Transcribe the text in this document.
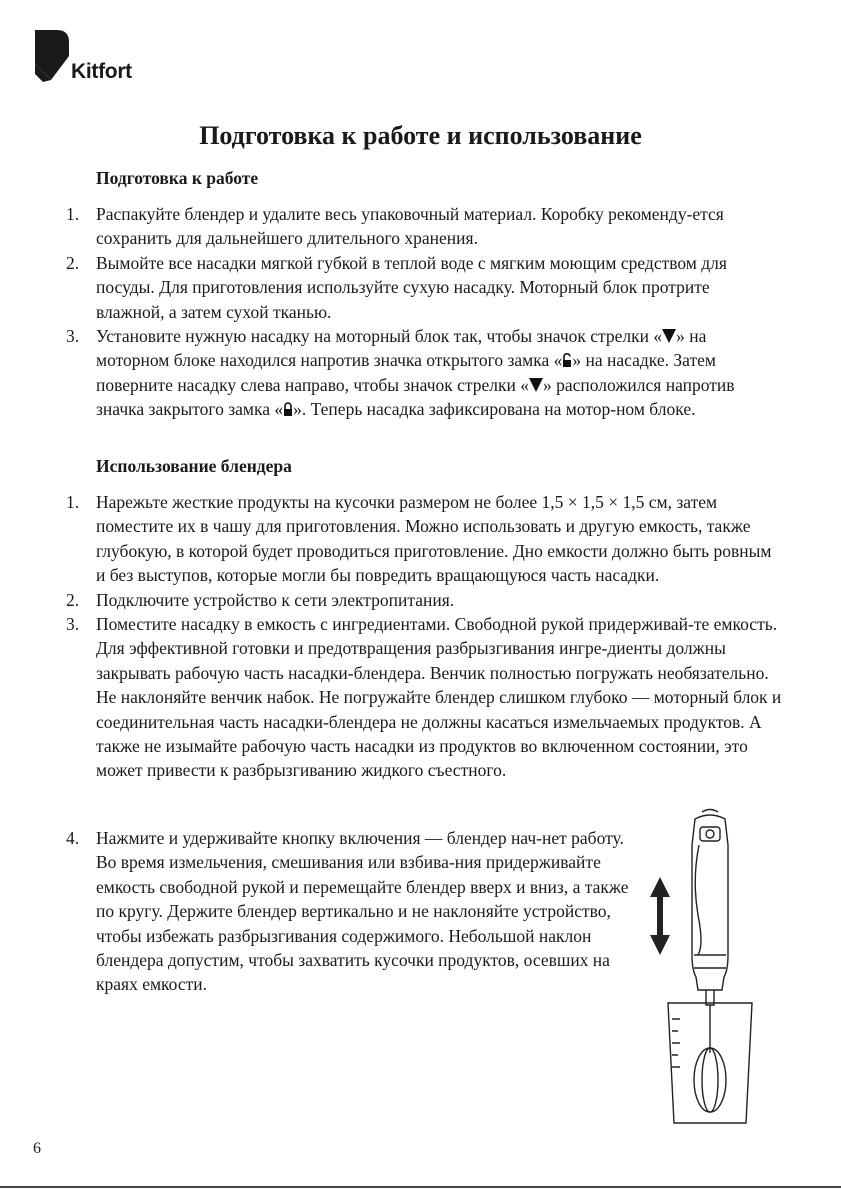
Kitfort
Подготовка к работе и использование
Подготовка к работе
1. Распакуйте блендер и удалите весь упаковочный материал. Коробку рекоменду-ется сохранить для дальнейшего длительного хранения.
2. Вымойте все насадки мягкой губкой в теплой воде с мягким моющим средством для посуды. Для приготовления используйте сухую насадку. Моторный блок протрите влажной, а затем сухой тканью.
3. Установите нужную насадку на моторный блок так, чтобы значок стрелки « » на моторном блоке находился напротив значка открытого замка « » на насадке. Затем поверните насадку слева направо, чтобы значок стрелки « » расположился напротив значка закрытого замка « ». Теперь насадка зафиксирована на мотор-ном блоке.
Использование блендера
1. Нарежьте жесткие продукты на кусочки размером не более 1,5 × 1,5 × 1,5 см, затем поместите их в чашу для приготовления. Можно использовать и другую емкость, также глубокую, в которой будет проводиться приготовление. Дно емкости должно быть ровным и без выступов, которые могли бы повредить вращающуюся часть насадки.
2. Подключите устройство к сети электропитания.
3. Поместите насадку в емкость с ингредиентами. Свободной рукой придерживай-те емкость. Для эффективной готовки и предотвращения разбрызгивания ингре-диенты должны закрывать рабочую часть насадки-блендера. Венчик полностью погружать необязательно. Не наклоняйте венчик набок. Не погружайте блендер слишком глубоко — моторный блок и соединительная часть насадки-блендера не должны касаться измельчаемых продуктов. А также не изымайте рабочую часть насадки из продуктов во включенном состоянии, это может привести к разбрызгиванию жидкого съестного.
4. Нажмите и удерживайте кнопку включения — блендер нач-нет работу. Во время измельчения, смешивания или взбива-ния придерживайте емкость свободной рукой и перемещайте блендер вверх и вниз, а также по кругу. Держите блендер вертикально и не наклоняйте устройство, чтобы избежать разбрызгивания содержимого. Небольшой наклон блендера допустим, чтобы захватить кусочки продуктов, осевших на краях емкости.
6
